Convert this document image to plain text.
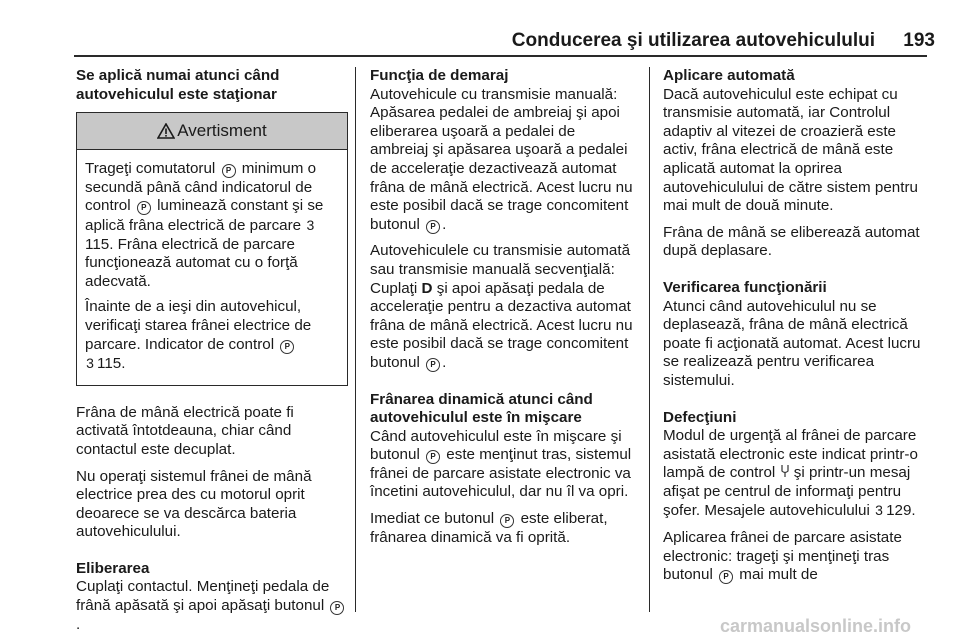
Conducerea şi utilizarea autovehiculului	193
Se aplică numai atunci când autovehiculul este staţionar
Avertisment

Trageţi comutatorul P minimum o secundă până când indicatorul de control P luminează constant şi se aplică frâna electrică de parcare 3115. Frâna electrică de parcare funcţionează automat cu o forţă adecvată.

Înainte de a ieşi din autovehicul, verificaţi starea frânei electrice de parcare. Indicator de control P
3 115.

Frâna de mână electrică poate fi activată întotdeauna, chiar când contactul este decuplat.

Nu operaţi sistemul frânei de mână electrice prea des cu motorul oprit deoarece se va descărca bateria autovehiculului.

Eliberarea

Cuplaţi contactul. Menţineţi pedala de frână apăsată şi apoi apăsaţi butonul P.

Funcţia de demaraj

Autovehicule cu transmisie manuală: Apăsarea pedalei de ambreiaj şi apoi eliberarea uşoară a pedalei de ambreiaj şi apăsarea uşoară a pedalei de acceleraţie dezactivează automat frâna de mână electrică. Acest lucru nu este posibil dacă se trage concomitent butonul P .

Autovehiculele cu transmisie automată sau transmisie manuală secvenţială: Cuplaţi D şi apoi apăsaţi pedala de acceleraţie pentru a dezactiva automat frâna de mână electrică. Acest lucru nu este posibil dacă se trage concomitent butonul P .

Frânarea dinamică atunci când autovehiculul este în mişcare

Când autovehiculul este în mişcare şi butonul P este menţinut tras, sistemul frânei de parcare asistate electronic va încetini autovehiculul, dar nu îl va opri.

Imediat ce butonul P este eliberat, frânarea dinamică va fi oprită.

Aplicare automată

Dacă autovehiculul este echipat cu transmisie automată, iar Controlul adaptiv al vitezei de croazieră este activ, frâna electrică de mână este aplicată automat la oprirea autovehiculului de către sistem pentru mai mult de două minute.

Frâna de mână se eliberează automat după deplasare.

Verificarea funcţionării

Atunci când autovehiculul nu se deplasează, frâna de mână electrică poate fi acţionată automat. Acest lucru se realizează pentru verificarea sistemului.

Defecţiuni

Modul de urgenţă al frânei de parcare asistată electronic este indicat printr-o lampă de control şi printr-un mesaj afişat pe centrul de informaţi pentru şofer. Mesajele autovehiculului 3 129.

Aplicarea frânei de parcare asistate electronic: trageţi şi menţineţi tras butonul P mai mult de

carmanualsonline.info
